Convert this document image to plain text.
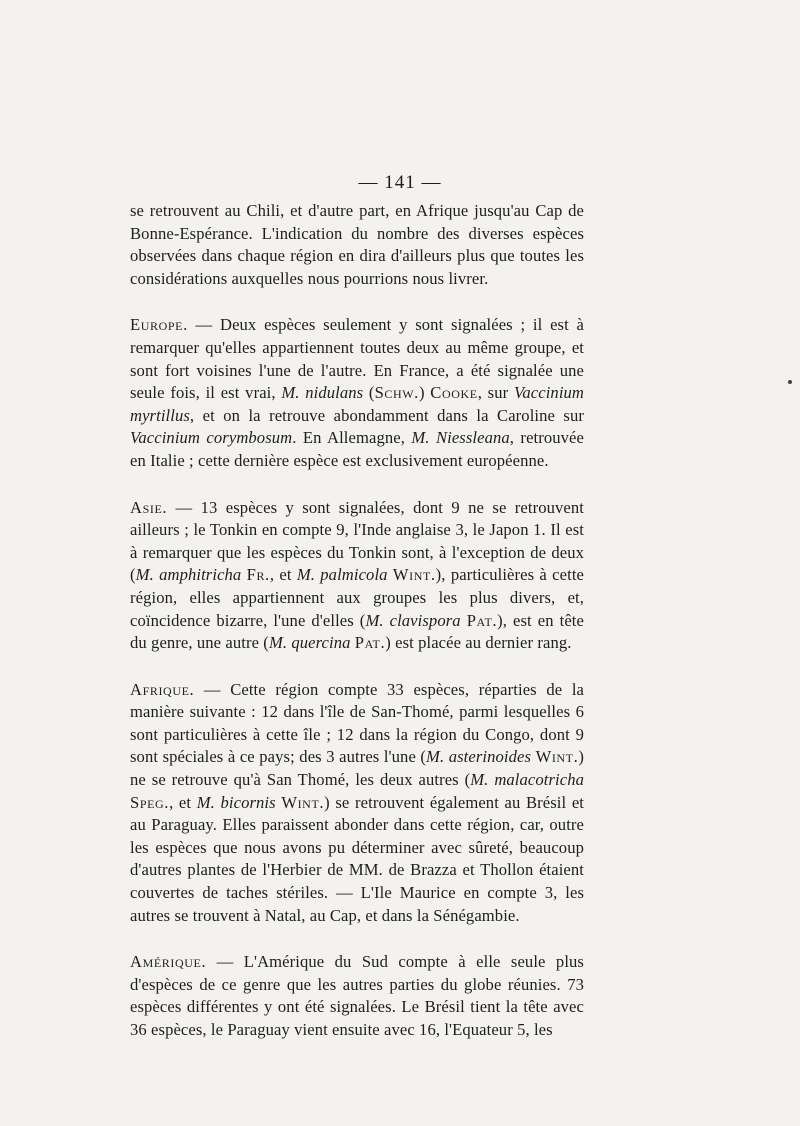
— 141 —

se retrouvent au Chili, et d'autre part, en Afrique jusqu'au Cap de Bonne-Espérance. L'indication du nombre des diverses espèces observées dans chaque région en dira d'ailleurs plus que toutes les considérations auxquelles nous pourrions nous livrer.

Europe. — Deux espèces seulement y sont signalées ; il est à remarquer qu'elles appartiennent toutes deux au même groupe, et sont fort voisines l'une de l'autre. En France, a été signalée une seule fois, il est vrai, M. nidulans (Schw.) Cooke, sur Vaccinium myrtillus, et on la retrouve abondamment dans la Caroline sur Vaccinium corymbosum. En Allemagne, M. Niessleana, retrouvée en Italie ; cette dernière espèce est exclusivement européenne.

Asie. — 13 espèces y sont signalées, dont 9 ne se retrouvent ailleurs ; le Tonkin en compte 9, l'Inde anglaise 3, le Japon 1. Il est à remarquer que les espèces du Tonkin sont, à l'exception de deux (M. amphitricha Fr., et M. palmicola Wint.), particulières à cette région, elles appartiennent aux groupes les plus divers, et, coïncidence bizarre, l'une d'elles (M. clavispora Pat.), est en tête du genre, une autre (M. quercina Pat.) est placée au dernier rang.

Afrique. — Cette région compte 33 espèces, réparties de la manière suivante : 12 dans l'île de San-Thomé, parmi lesquelles 6 sont particulières à cette île ; 12 dans la région du Congo, dont 9 sont spéciales à ce pays; des 3 autres l'une (M. asterinoides Wint.) ne se retrouve qu'à San Thomé, les deux autres (M. malacotricha Speg., et M. bicornis Wint.) se retrouvent également au Brésil et au Paraguay. Elles paraissent abonder dans cette région, car, outre les espèces que nous avons pu déterminer avec sûreté, beaucoup d'autres plantes de l'Herbier de MM. de Brazza et Thollon étaient couvertes de taches stériles. — L'Ile Maurice en compte 3, les autres se trouvent à Natal, au Cap, et dans la Sénégambie.

Amérique. — L'Amérique du Sud compte à elle seule plus d'espèces de ce genre que les autres parties du globe réunies. 73 espèces différentes y ont été signalées. Le Brésil tient la tête avec 36 espèces, le Paraguay vient ensuite avec 16, l'Equateur 5, les
